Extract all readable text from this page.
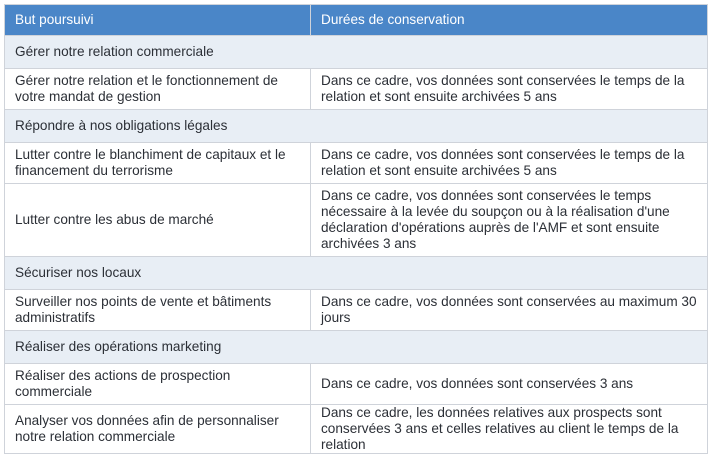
But poursuivi	Durées de conservation
Gérer notre relation commerciale	
Gérer notre relation et le fonctionnement de votre mandat de gestion	Dans ce cadre, vos données sont conservées le temps de la relation et sont ensuite archivées 5 ans
Répondre à nos obligations légales	
Lutter contre le blanchiment de capitaux et le financement du terrorisme	Dans ce cadre, vos données sont conservées le temps de la relation et sont ensuite archivées 5 ans
Lutter contre les abus de marché	Dans ce cadre, vos données sont conservées le temps nécessaire à la levée du soupçon ou à la réalisation d'une déclaration d'opérations auprès de l'AMF et sont ensuite archivées 3 ans
Sécuriser nos locaux	
Surveiller nos points de vente et bâtiments administratifs	Dans ce cadre, vos données sont conservées au maximum 30 jours
Réaliser des opérations marketing	
Réaliser des actions de prospection commerciale	Dans ce cadre, vos données sont conservées 3 ans
Analyser vos données afin de personnaliser notre relation commerciale	Dans ce cadre, les données relatives aux prospects sont conservées 3 ans et celles relatives au client le temps de la relation
